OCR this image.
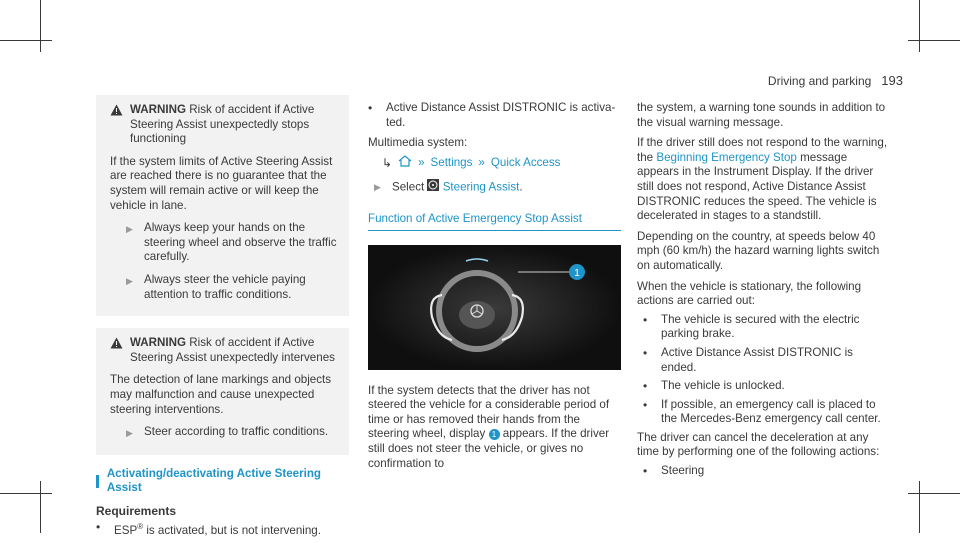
Driving and parking 193
WARNING Risk of accident if Active Steering Assist unexpectedly stops functioning

If the system limits of Active Steering Assist are reached there is no guarantee that the system will remain active or will keep the vehicle in lane.

▶ Always keep your hands on the steering wheel and observe the traffic carefully.
▶ Always steer the vehicle paying attention to traffic conditions.
WARNING Risk of accident if Active Steering Assist unexpectedly intervenes

The detection of lane markings and objects may malfunction and cause unexpected steering interventions.

▶ Steer according to traffic conditions.
Activating/deactivating Active Steering Assist
Requirements
•	ESP® is activated, but is not intervening.
•	Active Distance Assist DISTRONIC is activated.

Multimedia system:

↳ » Settings » Quick Access
▶ Select Steering Assist.
Function of Active Emergency Stop Assist
1

If the system detects that the driver has not steered the vehicle for a considerable period of time or has removed their hands from the steering wheel, display 1 appears. If the driver still does not steer the vehicle, or gives no confirmation to

the system, a warning tone sounds in addition to the visual warning message.

If the driver still does not respond to the warning, the Beginning Emergency Stop message appears in the Instrument Display. If the driver still does not respond, Active Distance Assist DISTRONIC reduces the speed. The vehicle is decelerated in stages to a standstill.

Depending on the country, at speeds below 40 mph (60 km/h) the hazard warning lights switch on automatically.

When the vehicle is stationary, the following actions are carried out:

•	The vehicle is secured with the electric parking brake.
•	Active Distance Assist DISTRONIC is ended.
•	The vehicle is unlocked.
•	If possible, an emergency call is placed to the Mercedes-Benz emergency call center.

The driver can cancel the deceleration at any time by performing one of the following actions:

•	Steering
